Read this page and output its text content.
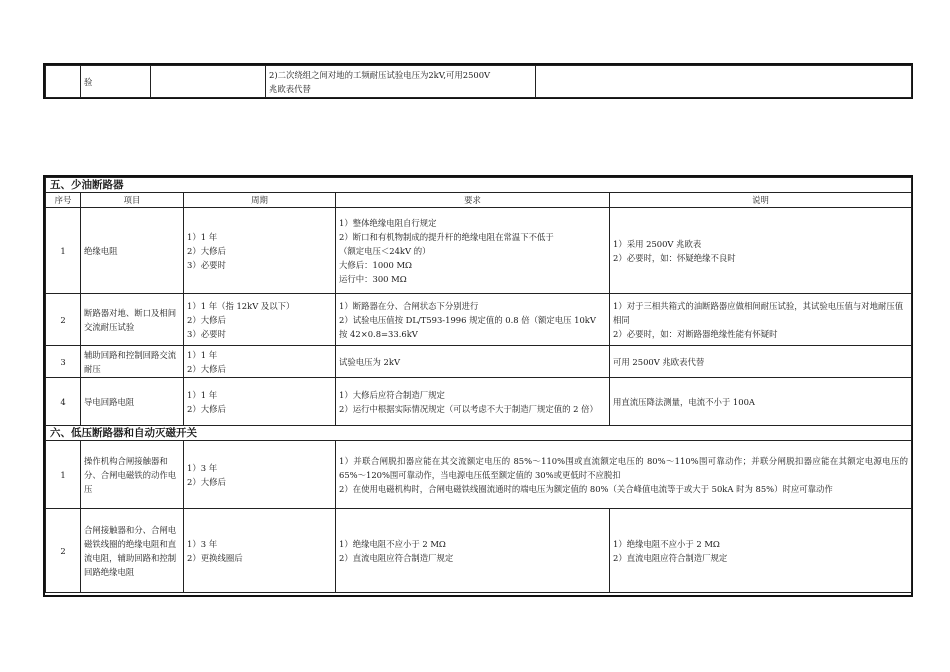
	验		2)二次绕组之间对地的工频耐压试验电压为2kV,可用2500V
兆欧表代替	
五、少油断路器				
序号	项目	周期	要求	说明
1	绝缘电阻	1）1 年
2）大修后
3）必要时	1）整体绝缘电阻自行规定
2）断口和有机物制成的提升杆的绝缘电阻在常温下不低于
（额定电压＜24kV 的）
大修后：1000 MΩ
运行中：300 MΩ	1）采用 2500V 兆欧表
2）必要时，如：怀疑绝缘不良时
2	断路器对地、断口及相间交流耐压试验	1）1 年（指 12kV 及以下）
2）大修后
3）必要时	1）断路器在分、合闸状态下分别进行
2）试验电压值按 DL/T593-1996 规定值的 0.8 倍（额定电压 10kV 按 42×0.8=33.6kV	1）对于三相共箱式的油断路器应做相间耐压试验，其试验电压值与对地耐压值相同
2）必要时，如：对断路器绝缘性能有怀疑时
3	辅助回路和控制回路交流耐压	1）1 年
2）大修后	试验电压为 2kV	可用 2500V 兆欧表代替
4	导电回路电阻	1）1 年
2）大修后	1）大修后应符合制造厂规定
2）运行中根据实际情况规定（可以考虑不大于制造厂规定值的 2 倍）	用直流压降法测量，电流不小于 100A
六、低压断路器和自动灭磁开关				
1	操作机构合闸接触器和分、合闸电磁铁的动作电压	1）3 年
2）大修后	1）并联合闸脱扣器应能在其交流额定电压的 85%～110%围或直流额定电压的 80%～110%围可靠动作；并联分闸脱扣器应能在其额定电源电压的 65%～120%围可靠动作，当电源电压低至额定值的 30%或更低时不应脱扣
2）在使用电磁机构时，合闸电磁铁线圈流通时的端电压为额定值的 80%（关合峰值电流等于或大于 50kA 时为 85%）时应可靠动作	
2	合闸接触器和分、合闸电磁铁线圈的绝缘电阻和直流电阻，辅助回路和控制回路绝缘电阻	1）3 年
2）更换线圈后	1）绝缘电阻不应小于 2 MΩ
2）直流电阻应符合制造厂规定	1）绝缘电阻不应小于 2 MΩ
2）直流电阻应符合制造厂规定
